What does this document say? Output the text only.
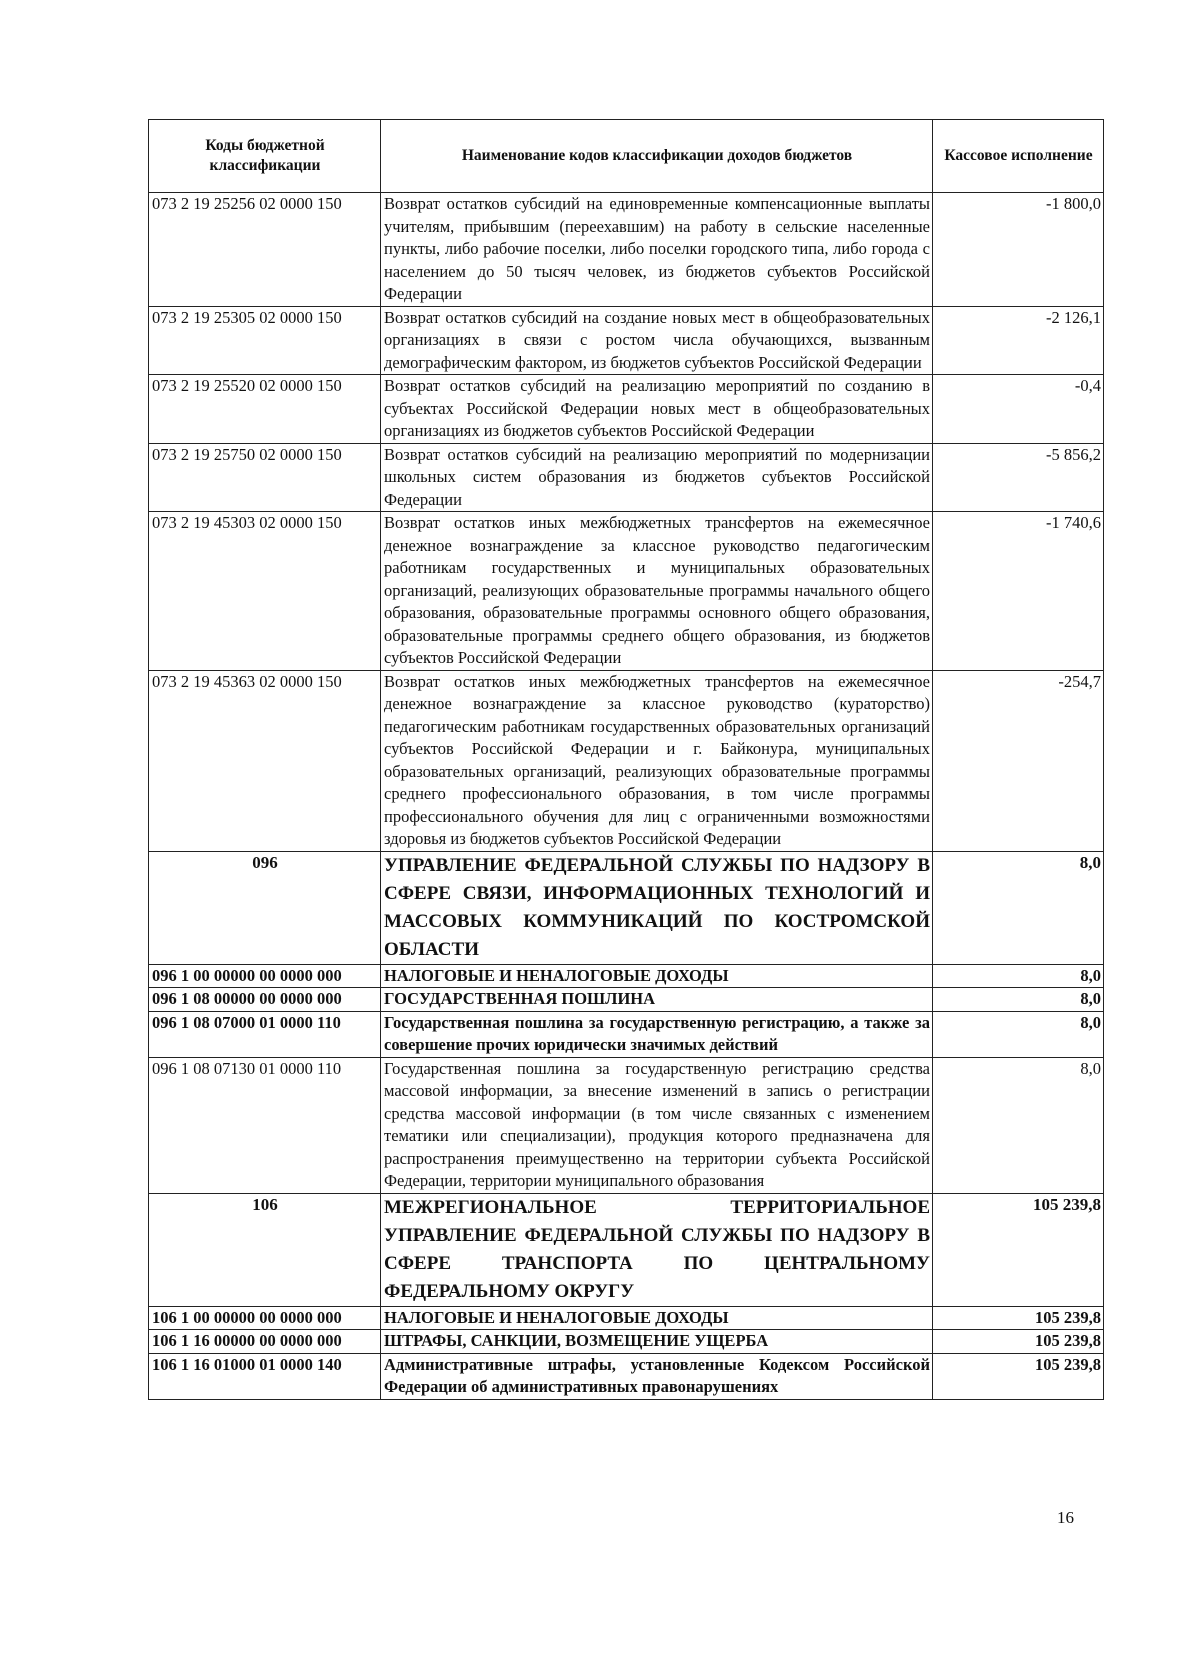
Коды бюджетной классификации	Наименование кодов классификации доходов бюджетов	Кассовое исполнение
073 2 19 25256 02 0000 150	Возврат остатков субсидий на единовременные компенсационные выплаты учителям, прибывшим (переехавшим) на работу в сельские населенные пункты, либо рабочие поселки, либо поселки городского типа, либо города с населением до 50 тысяч человек, из бюджетов субъектов Российской Федерации	-1 800,0
073 2 19 25305 02 0000 150	Возврат остатков субсидий на создание новых мест в общеобразовательных организациях в связи с ростом числа обучающихся, вызванным демографическим фактором, из бюджетов субъектов Российской Федерации	-2 126,1
073 2 19 25520 02 0000 150	Возврат остатков субсидий на реализацию мероприятий по созданию в субъектах Российской Федерации новых мест в общеобразовательных организациях из бюджетов субъектов Российской Федерации	-0,4
073 2 19 25750 02 0000 150	Возврат остатков субсидий на реализацию мероприятий по модернизации школьных систем образования из бюджетов субъектов Российской Федерации	-5 856,2
073 2 19 45303 02 0000 150	Возврат остатков иных межбюджетных трансфертов на ежемесячное денежное вознаграждение за классное руководство педагогическим работникам государственных и муниципальных образовательных организаций, реализующих образовательные программы начального общего образования, образовательные программы основного общего образования, образовательные программы среднего общего образования, из бюджетов субъектов Российской Федерации	-1 740,6
073 2 19 45363 02 0000 150	Возврат остатков иных межбюджетных трансфертов на ежемесячное денежное вознаграждение за классное руководство (кураторство) педагогическим работникам государственных образовательных организаций субъектов Российской Федерации и г. Байконура, муниципальных образовательных организаций, реализующих образовательные программы среднего профессионального образования, в том числе программы профессионального обучения для лиц с ограниченными возможностями здоровья из бюджетов субъектов Российской Федерации	-254,7
096	УПРАВЛЕНИЕ ФЕДЕРАЛЬНОЙ СЛУЖБЫ ПО НАДЗОРУ В СФЕРЕ СВЯЗИ, ИНФОРМАЦИОННЫХ ТЕХНОЛОГИЙ И МАССОВЫХ КОММУНИКАЦИЙ ПО КОСТРОМСКОЙ ОБЛАСТИ	8,0
096 1 00 00000 00 0000 000	НАЛОГОВЫЕ И НЕНАЛОГОВЫЕ ДОХОДЫ	8,0
096 1 08 00000 00 0000 000	ГОСУДАРСТВЕННАЯ ПОШЛИНА	8,0
096 1 08 07000 01 0000 110	Государственная пошлина за государственную регистрацию, а также за совершение прочих юридически значимых действий	8,0
096 1 08 07130 01 0000 110	Государственная пошлина за государственную регистрацию средства массовой информации, за внесение изменений в запись о регистрации средства массовой информации (в том числе связанных с изменением тематики или специализации), продукция которого предназначена для распространения преимущественно на территории субъекта Российской Федерации, территории муниципального образования	8,0
106	МЕЖРЕГИОНАЛЬНОЕ ТЕРРИТОРИАЛЬНОЕ УПРАВЛЕНИЕ ФЕДЕРАЛЬНОЙ СЛУЖБЫ ПО НАДЗОРУ В СФЕРЕ ТРАНСПОРТА ПО ЦЕНТРАЛЬНОМУ ФЕДЕРАЛЬНОМУ ОКРУГУ	105 239,8
106 1 00 00000 00 0000 000	НАЛОГОВЫЕ И НЕНАЛОГОВЫЕ ДОХОДЫ	105 239,8
106 1 16 00000 00 0000 000	ШТРАФЫ, САНКЦИИ, ВОЗМЕЩЕНИЕ УЩЕРБА	105 239,8
106 1 16 01000 01 0000 140	Административные штрафы, установленные Кодексом Российской Федерации об административных правонарушениях	105 239,8
16
